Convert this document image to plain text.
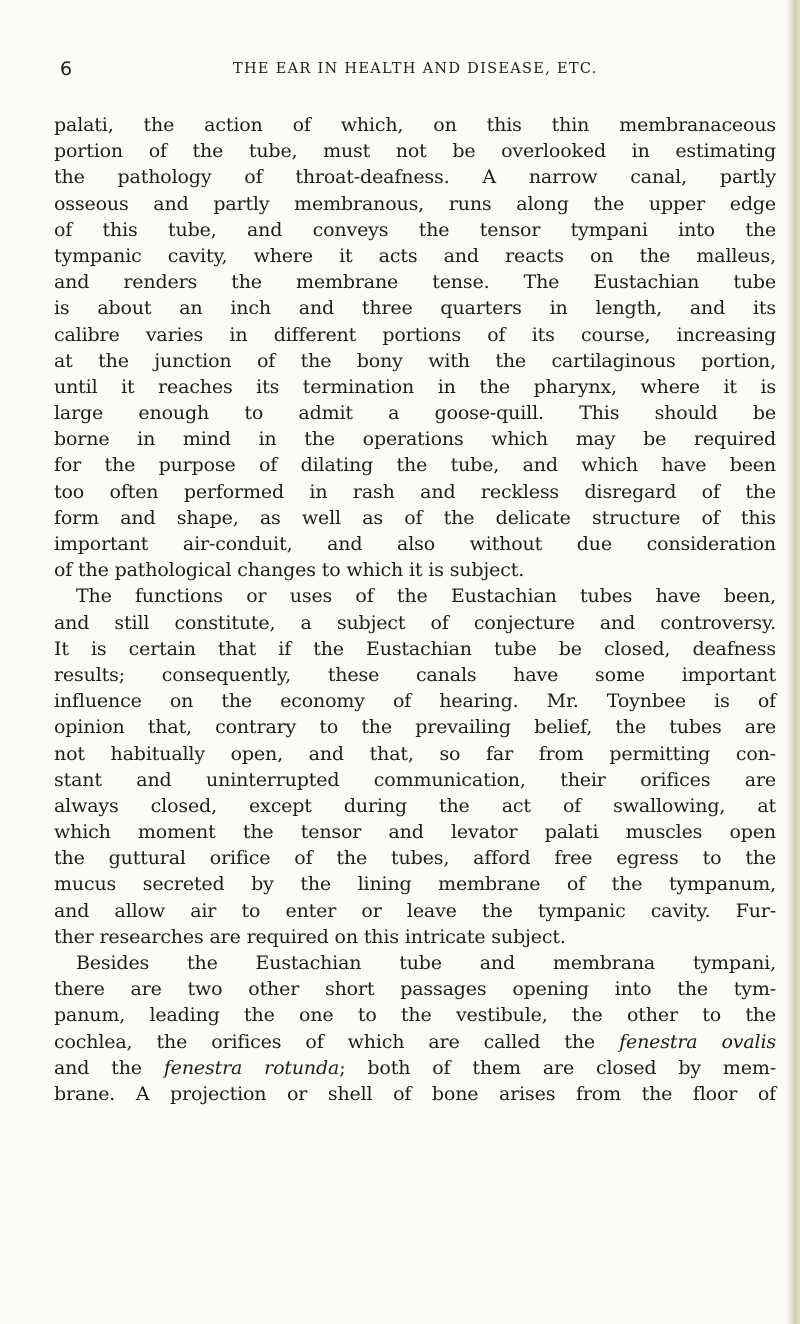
6	THE EAR IN HEALTH AND DISEASE, ETC.
palati, the action of which, on this thin membranaceous
portion of the tube, must not be overlooked in estimating
the pathology of throat-deafness. A narrow canal, partly
osseous and partly membranous, runs along the upper edge
of this tube, and conveys the tensor tympani into the
tympanic cavity, where it acts and reacts on the malleus,
and renders the membrane tense. The Eustachian tube
is about an inch and three quarters in length, and its
calibre varies in different portions of its course, increasing
at the junction of the bony with the cartilaginous portion,
until it reaches its termination in the pharynx, where it is
large enough to admit a goose-quill. This should be
borne in mind in the operations which may be required
for the purpose of dilating the tube, and which have been
too often performed in rash and reckless disregard of the
form and shape, as well as of the delicate structure of this
important air-conduit, and also without due consideration
of the pathological changes to which it is subject.
The functions or uses of the Eustachian tubes have been,
and still constitute, a subject of conjecture and controversy.
It is certain that if the Eustachian tube be closed, deafness
results; consequently, these canals have some important
influence on the economy of hearing. Mr. Toynbee is of
opinion that, contrary to the prevailing belief, the tubes are
not habitually open, and that, so far from permitting con-
stant and uninterrupted communication, their orifices are
always closed, except during the act of swallowing, at
which moment the tensor and levator palati muscles open
the guttural orifice of the tubes, afford free egress to the
mucus secreted by the lining membrane of the tympanum,
and allow air to enter or leave the tympanic cavity. Fur-
ther researches are required on this intricate subject.
Besides the Eustachian tube and membrana tympani,
there are two other short passages opening into the tym-
panum, leading the one to the vestibule, the other to the
cochlea, the orifices of which are called the fenestra ovalis
and the fenestra rotunda; both of them are closed by mem-
brane. A projection or shell of bone arises from the floor of
